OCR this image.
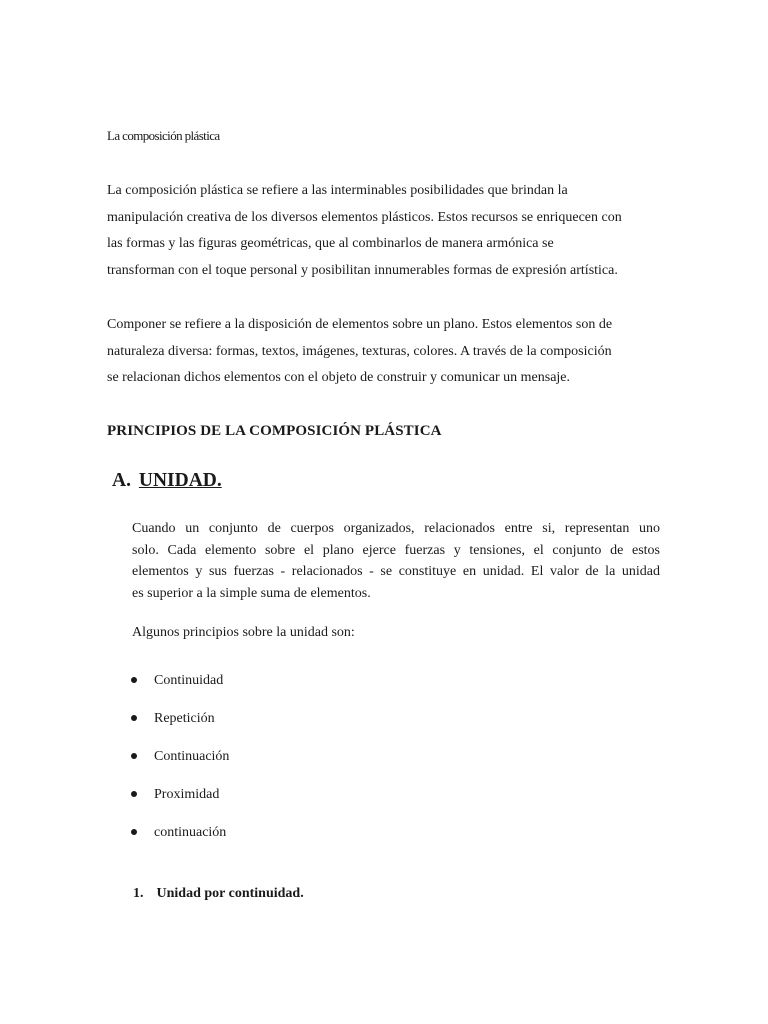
La composición plástica

La composición plástica se refiere a las interminables posibilidades que brindan la
manipulación creativa de los diversos elementos plásticos. Estos recursos se enriquecen con
las formas y las figuras geométricas, que al combinarlos de manera armónica se
transforman con el toque personal y posibilitan innumerables formas de expresión artística.

Componer se refiere a la disposición de elementos sobre un plano. Estos elementos son de
naturaleza diversa: formas, textos, imágenes, texturas, colores. A través de la composición
se relacionan dichos elementos con el objeto de construir y comunicar un mensaje.

PRINCIPIOS DE LA COMPOSICIÓN PLÁSTICA
A. UNIDAD.

Cuando un conjunto de cuerpos organizados, relacionados entre si, representan uno
solo. Cada elemento sobre el plano ejerce fuerzas y tensiones, el conjunto de estos
elementos y sus fuerzas - relacionados - se constituye en unidad. El valor de la unidad
es superior a la simple suma de elementos.

Algunos principios sobre la unidad son:
Continuidad
Repetición
Continuación
Proximidad
continuación
1. Unidad por continuidad.
